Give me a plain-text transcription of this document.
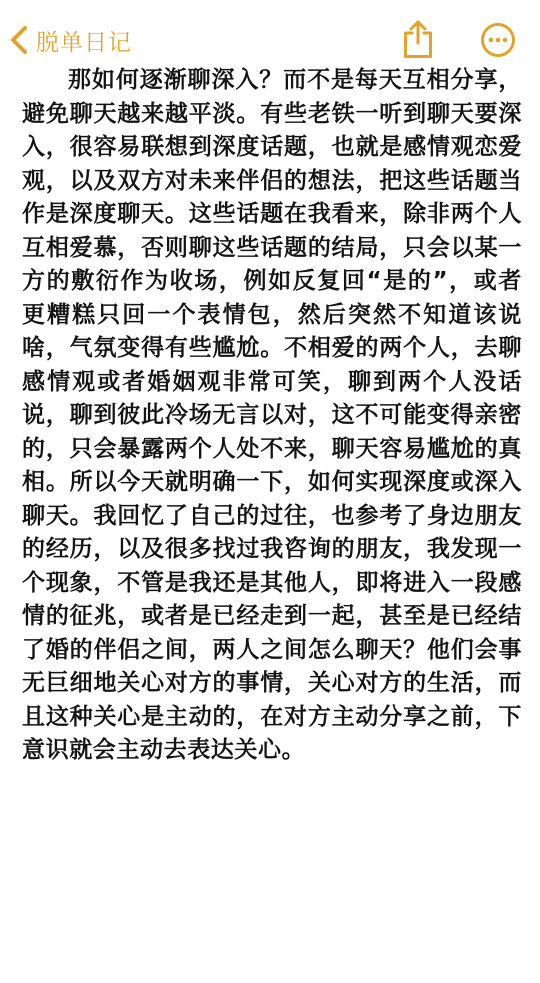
脱单日记

那如何逐渐聊深入？而不是每天互相分享，避免聊天越来越平淡。有些老铁一听到聊天要深入，很容易联想到深度话题，也就是感情观恋爱观，以及双方对未来伴侣的想法，把这些话题当作是深度聊天。这些话题在我看来，除非两个人互相爱慕，否则聊这些话题的结局，只会以某一方的敷衍作为收场，例如反复回“是的”，或者更糟糕只回一个表情包，然后突然不知道该说啥，气氛变得有些尴尬。不相爱的两个人，去聊感情观或者婚姻观非常可笑，聊到两个人没话说，聊到彼此冷场无言以对，这不可能变得亲密的，只会暴露两个人处不来，聊天容易尴尬的真相。所以今天就明确一下，如何实现深度或深入聊天。我回忆了自己的过往，也参考了身边朋友的经历，以及很多找过我咨询的朋友，我发现一个现象，不管是我还是其他人，即将进入一段感情的征兆，或者是已经走到一起，甚至是已经结了婚的伴侣之间，两人之间怎么聊天？他们会事无巨细地关心对方的事情，关心对方的生活，而且这种关心是主动的，在对方主动分享之前，下意识就会主动去表达关心。
